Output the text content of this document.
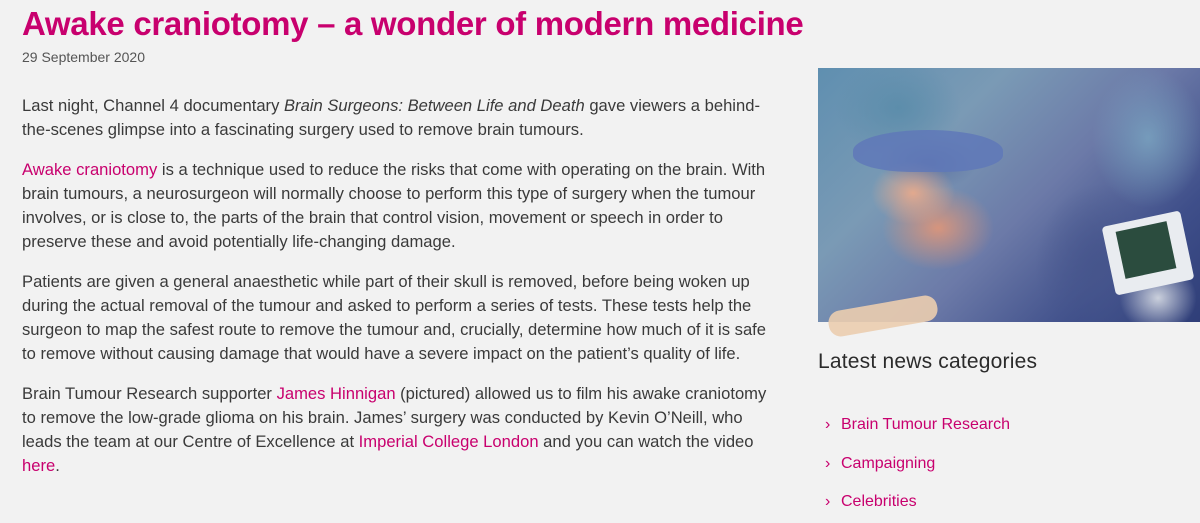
Awake craniotomy – a wonder of modern medicine
29 September 2020

Last night, Channel 4 documentary Brain Surgeons: Between Life and Death gave viewers a behind-the-scenes glimpse into a fascinating surgery used to remove brain tumours.

Awake craniotomy is a technique used to reduce the risks that come with operating on the brain. With brain tumours, a neurosurgeon will normally choose to perform this type of surgery when the tumour involves, or is close to, the parts of the brain that control vision, movement or speech in order to preserve these and avoid potentially life-changing damage.

Patients are given a general anaesthetic while part of their skull is removed, before being woken up during the actual removal of the tumour and asked to perform a series of tests. These tests help the surgeon to map the safest route to remove the tumour and, crucially, determine how much of it is safe to remove without causing damage that would have a severe impact on the patient’s quality of life.

Brain Tumour Research supporter James Hinnigan (pictured) allowed us to film his awake craniotomy to remove the low-grade glioma on his brain. James’ surgery was conducted by Kevin O’Neill, who leads the team at our Centre of Excellence at Imperial College London and you can watch the video here.

Latest news categories
› Brain Tumour Research
› Campaigning
› Celebrities
